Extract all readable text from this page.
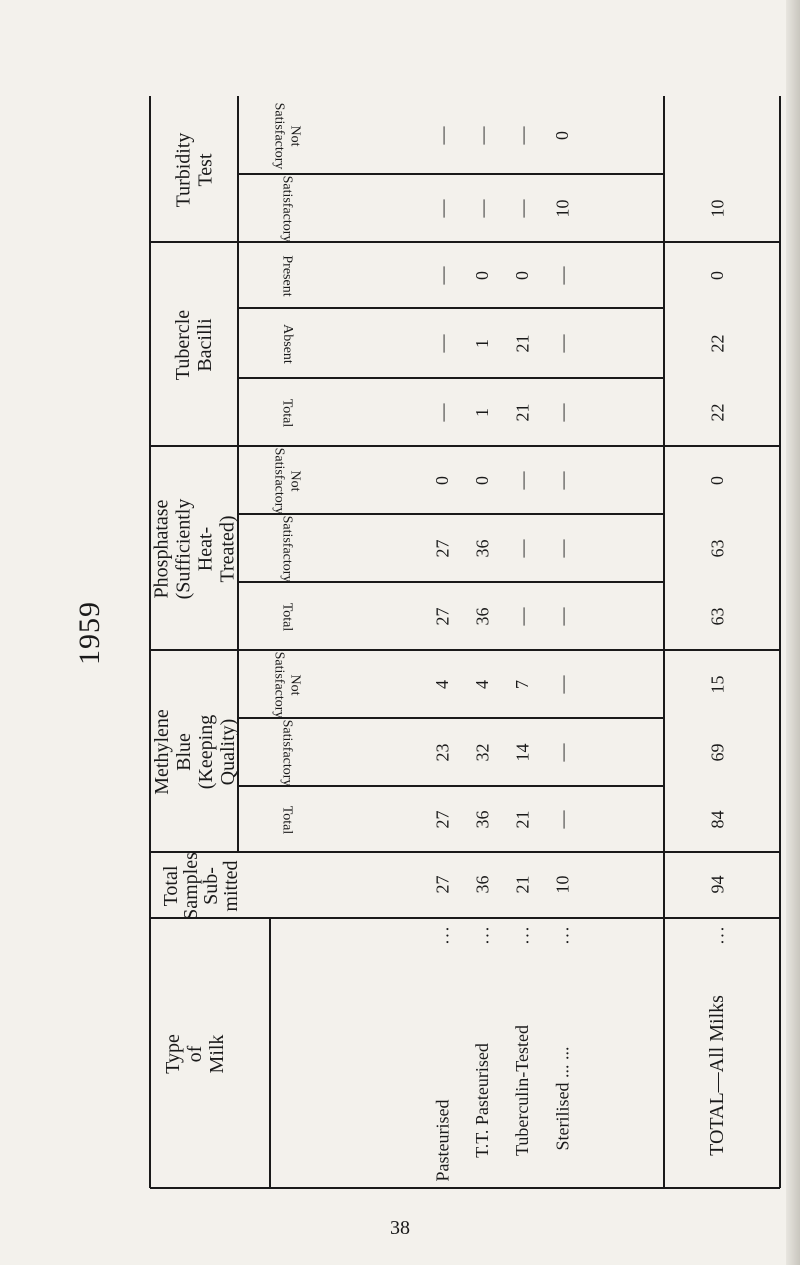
1959
Turbidity Test
Tubercle Bacilli
Phosphatase (Sufficiently Heat-Treated)
Methylene Blue (Keeping Quality)
Total Samples Sub- mitted
Type of Milk
Not Satisfactory
Satisfactory
Present
Absent
Total
Not Satisfactory
Satisfactory
Total
Not Satisfactory
Satisfactory
Total
27
27
23
4
27
27
0
—
—
—
—
—
...
Pasteurised
36
36
32
4
36
36
0
1
1
0
—
—
...
T.T. Pasteurised
21
21
14
7
—
—
—
21
21
0
—
—
...
Tuberculin-Tested
10
—
—
—
—
—
—
—
—
—
10
0
...
Sterilised ... ...
94
84
69
15
63
63
0
22
22
0
10
...
TOTAL—All Milks
38
